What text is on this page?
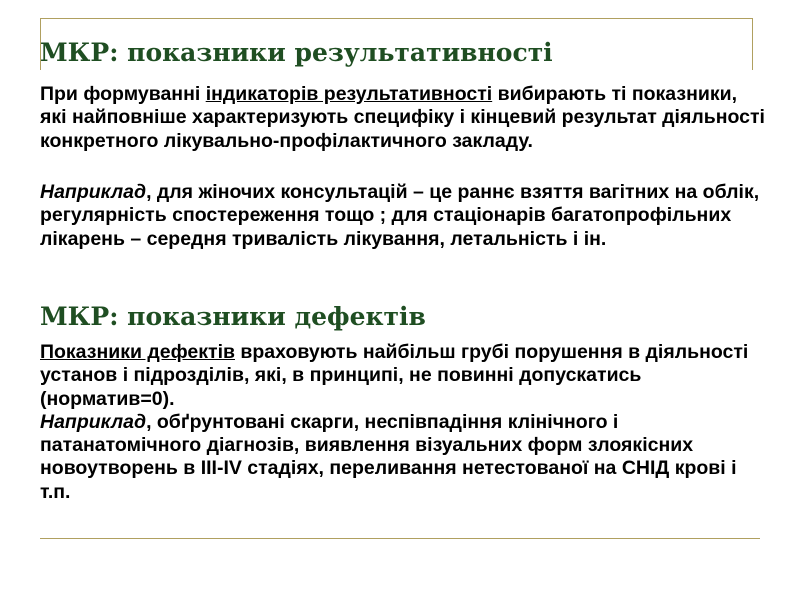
МКР: показники результативності
При формуванні індикаторів результативності вибирають ті показники, які найповніше характеризують специфіку і кінцевий результат діяльності конкретного лікувально-профілактичного закладу.
Наприклад, для жіночих консультацій – це раннє взяття вагітних на облік, регулярність спостереження тощо ; для стаціонарів багатопрофільних лікарень – середня тривалість лікування, летальність і ін.
МКР: показники дефектів
Показники дефектів враховують найбільш грубі порушення в діяльності установ і підрозділів, які, в принципі, не повинні допускатись (норматив=0).
Наприклад, обґрунтовані скарги, неспівпадіння клінічного і патанатомічного діагнозів, виявлення візуальних форм злоякісних новоутворень в ІІІ-ІV стадіях, переливання нетестованої на СНІД крові і т.п.
